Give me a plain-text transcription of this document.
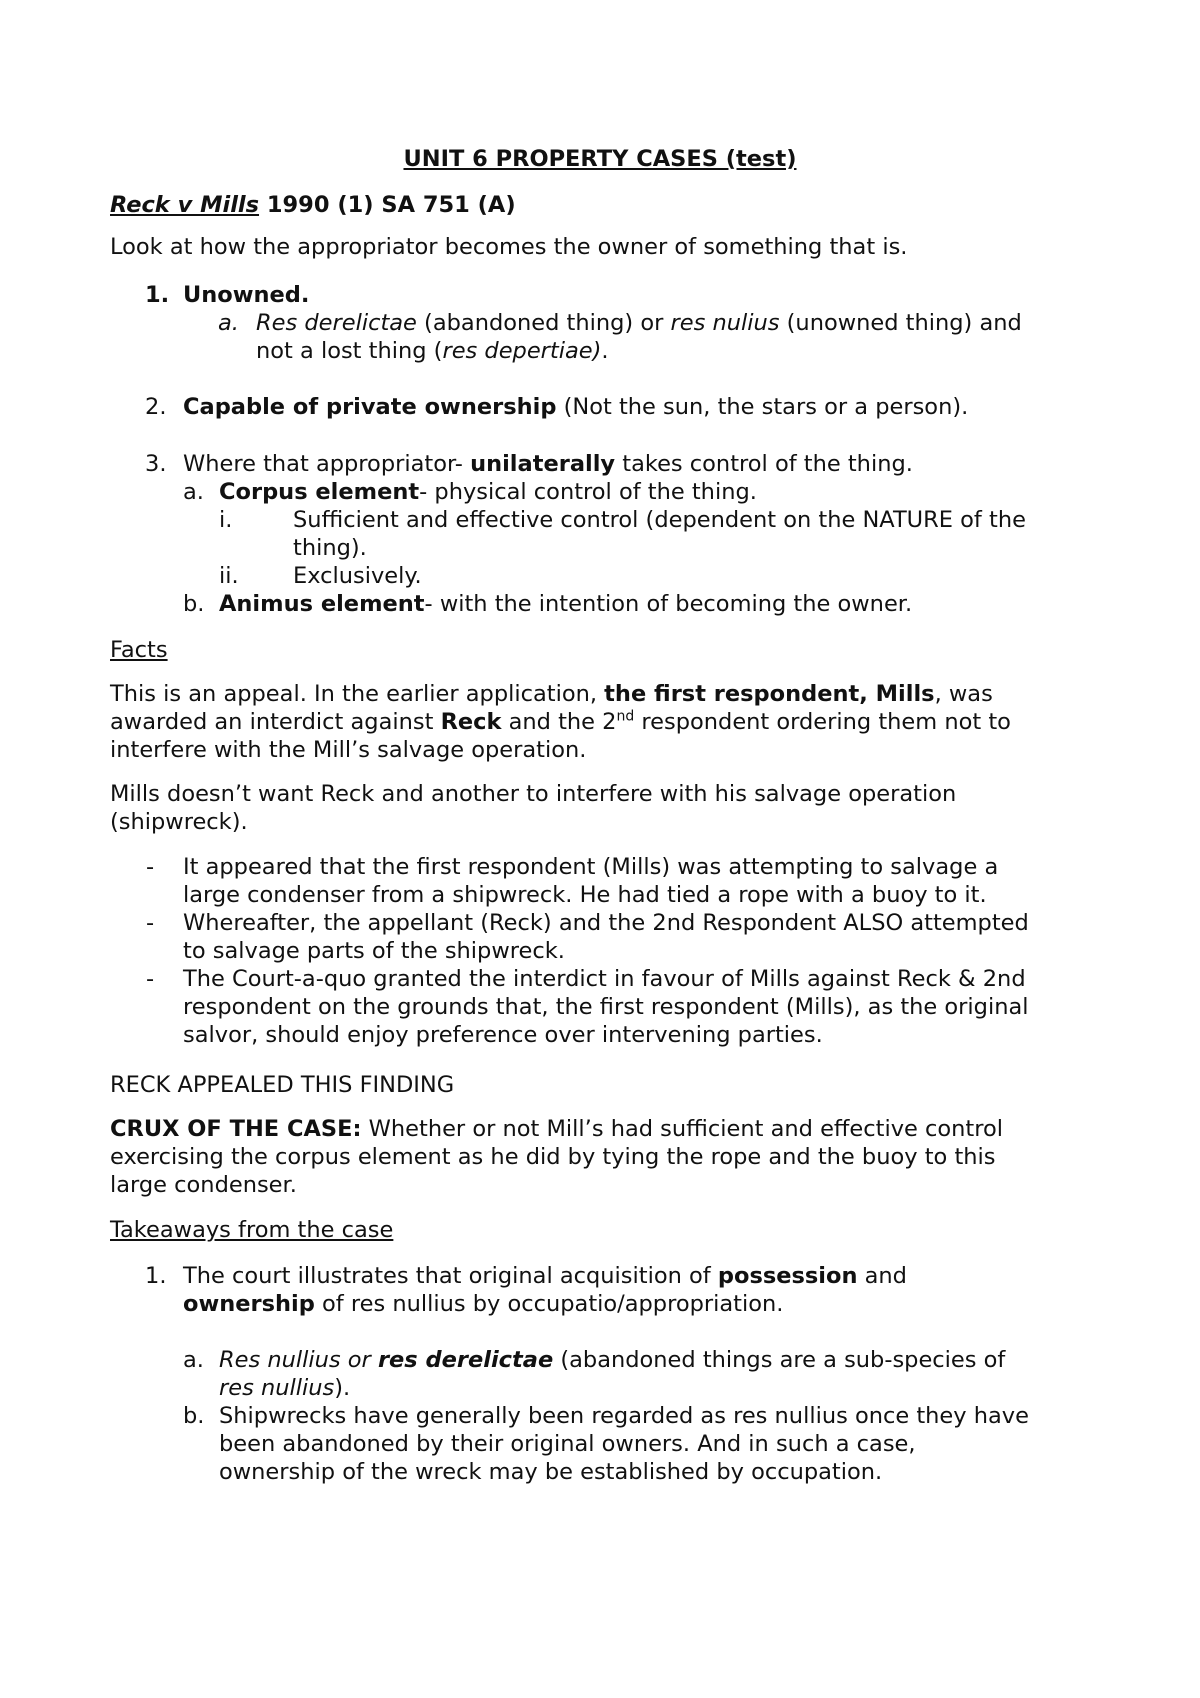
UNIT 6 PROPERTY CASES (test)

Reck v Mills 1990 (1) SA 751 (A)

Look at how the appropriator becomes the owner of something that is.

1. Unowned.

a. Res derelictae (abandoned thing) or res nulius (unowned thing) and

not a lost thing (res depertiae).

2. Capable of private ownership (Not the sun, the stars or a person).

3. Where that appropriator- unilaterally takes control of the thing.

a. Corpus element- physical control of the thing.

i.	Sufficient and effective control (dependent on the NATURE of the

thing).

ii. Exclusively.

b. Animus element- with the intention of becoming the owner.

Facts

This is an appeal. In the earlier application, the first respondent, Mills, was
awarded an interdict against Reck and the 2nd respondent ordering them not to
interfere with the Mill’s salvage operation.
Mills doesn’t want Reck and another to interfere with his salvage operation
(shipwreck).

- It appeared that the first respondent (Mills) was attempting to salvage a
large condenser from a shipwreck. He had tied a rope with a buoy to it.

- Whereafter, the appellant (Reck) and the 2nd Respondent ALSO attempted
to salvage parts of the shipwreck.

- The Court-a-quo granted the interdict in favour of Mills against Reck & 2nd
respondent on the grounds that, the first respondent (Mills), as the original
salvor, should enjoy preference over intervening parties.

RECK APPEALED THIS FINDING

CRUX OF THE CASE: Whether or not Mill’s had sufficient and effective control
exercising the corpus element as he did by tying the rope and the buoy to this
large condenser.

Takeaways from the case

1. The court illustrates that original acquisition of possession and
ownership of res nullius by occupatio/appropriation.

a. Res nullius or res derelictae (abandoned things are a sub-species of
res nullius).

b. Shipwrecks have generally been regarded as res nullius once they have
been abandoned by their original owners. And in such a case,
ownership of the wreck may be established by occupation.
